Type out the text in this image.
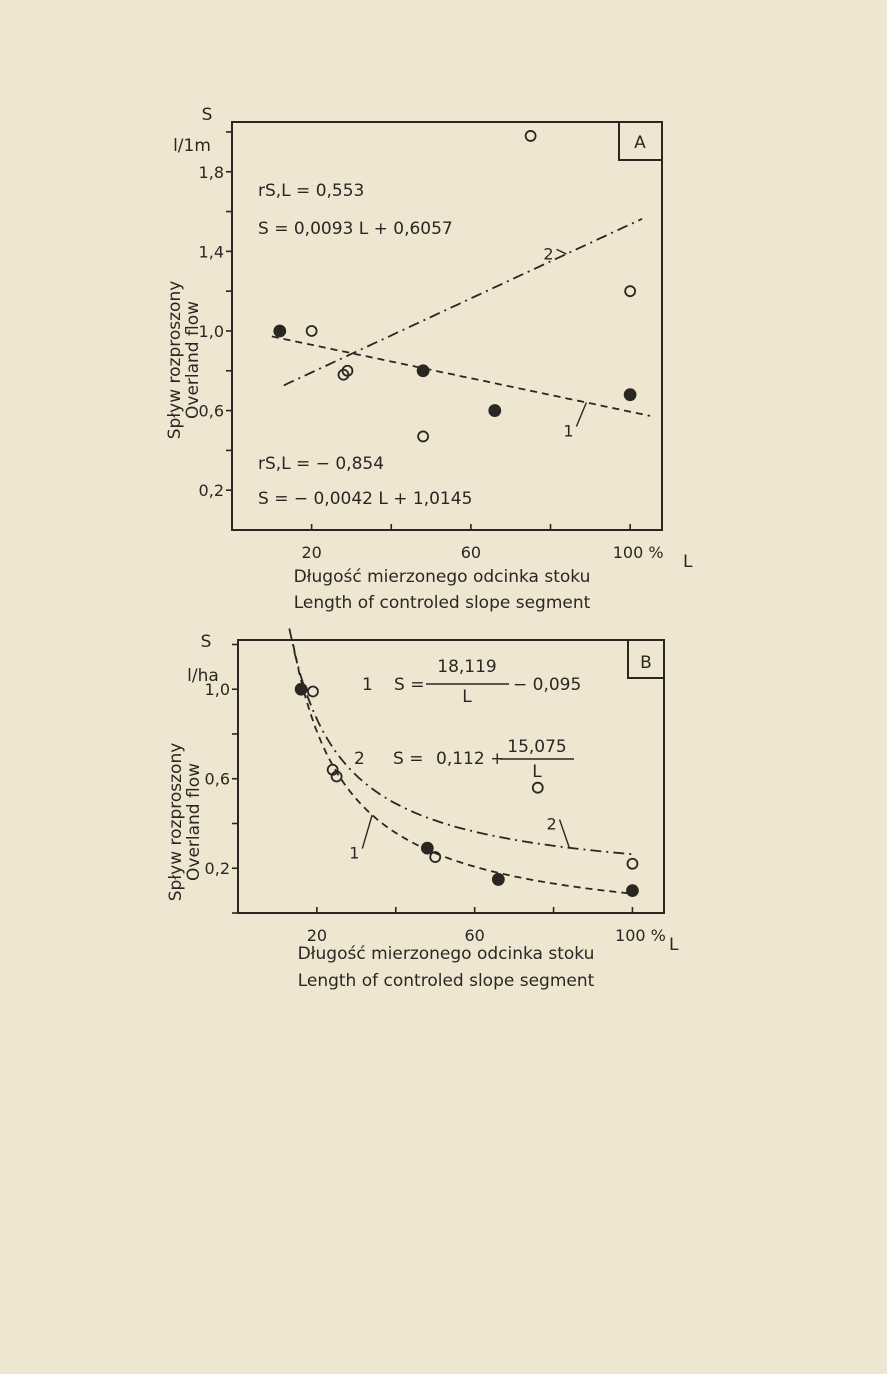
A
S
l/1m
Spływ rozproszony
Overland flow
1,8
1,4
1,0
0,6
0,2
20	60	100 % L
Długość mierzonego odcinka stoku
Length of controled slope segment
rS,L = 0,553
S = 0,0093 L + 0,6057
rS,L = − 0,854
S = − 0,0042 L + 1,0145
1
2
B
S
l/ha
Spływ rozproszony
Overland flow
1,0
0,6
0,2
20	60	100 % L
Długość mierzonego odcinka stoku
Length of controled slope segment
1 S =
18,119
L
− 0,095
2 S = 0,112 +
15,075
L
1
2
